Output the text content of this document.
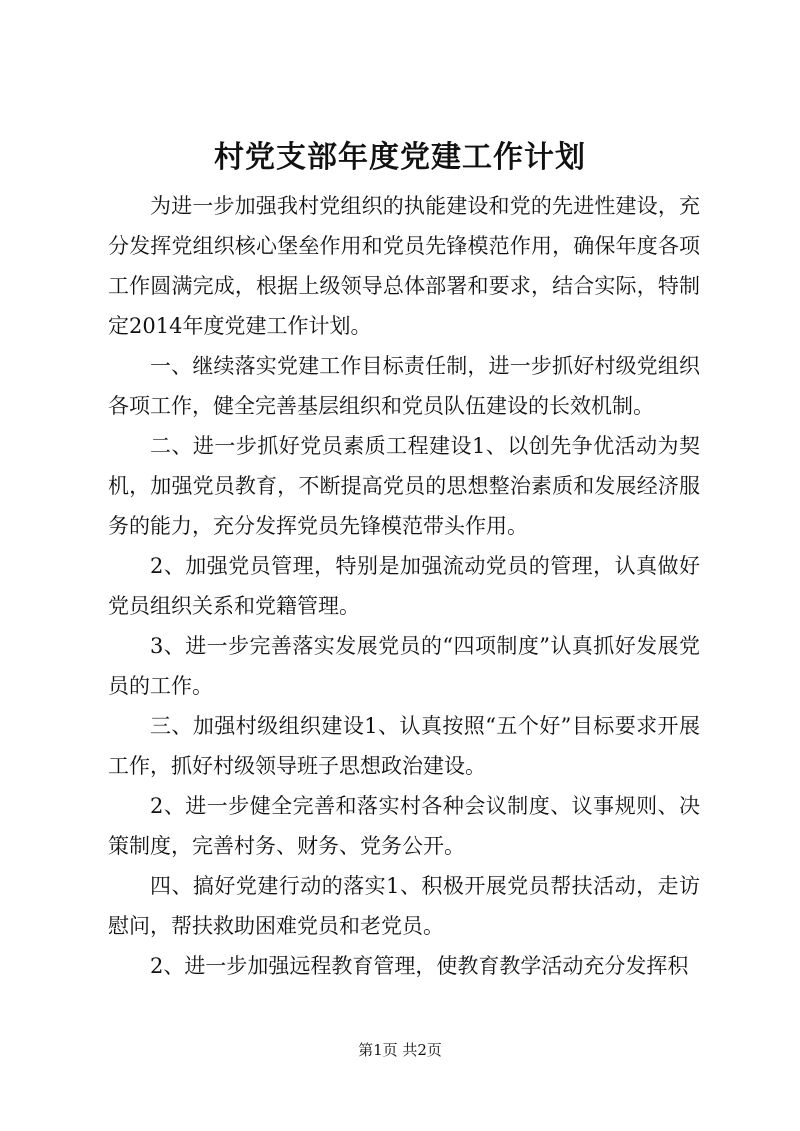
村党支部年度党建工作计划

为进一步加强我村党组织的执能建设和党的先进性建设，充分发挥党组织核心堡垒作用和党员先锋模范作用，确保年度各项工作圆满完成，根据上级领导总体部署和要求，结合实际，特制定2014年度党建工作计划。

一、继续落实党建工作目标责任制，进一步抓好村级党组织各项工作，健全完善基层组织和党员队伍建设的长效机制。

二、进一步抓好党员素质工程建设1、以创先争优活动为契机，加强党员教育，不断提高党员的思想整治素质和发展经济服务的能力，充分发挥党员先锋模范带头作用。

2、加强党员管理，特别是加强流动党员的管理，认真做好党员组织关系和党籍管理。

3、进一步完善落实发展党员的“四项制度”认真抓好发展党员的工作。

三、加强村级组织建设1、认真按照“五个好”目标要求开展工作，抓好村级领导班子思想政治建设。

2、进一步健全完善和落实村各种会议制度、议事规则、决策制度，完善村务、财务、党务公开。

四、搞好党建行动的落实1、积极开展党员帮扶活动，走访慰问，帮扶救助困难党员和老党员。

2、进一步加强远程教育管理，使教育教学活动充分发挥积

第1页 共2页
